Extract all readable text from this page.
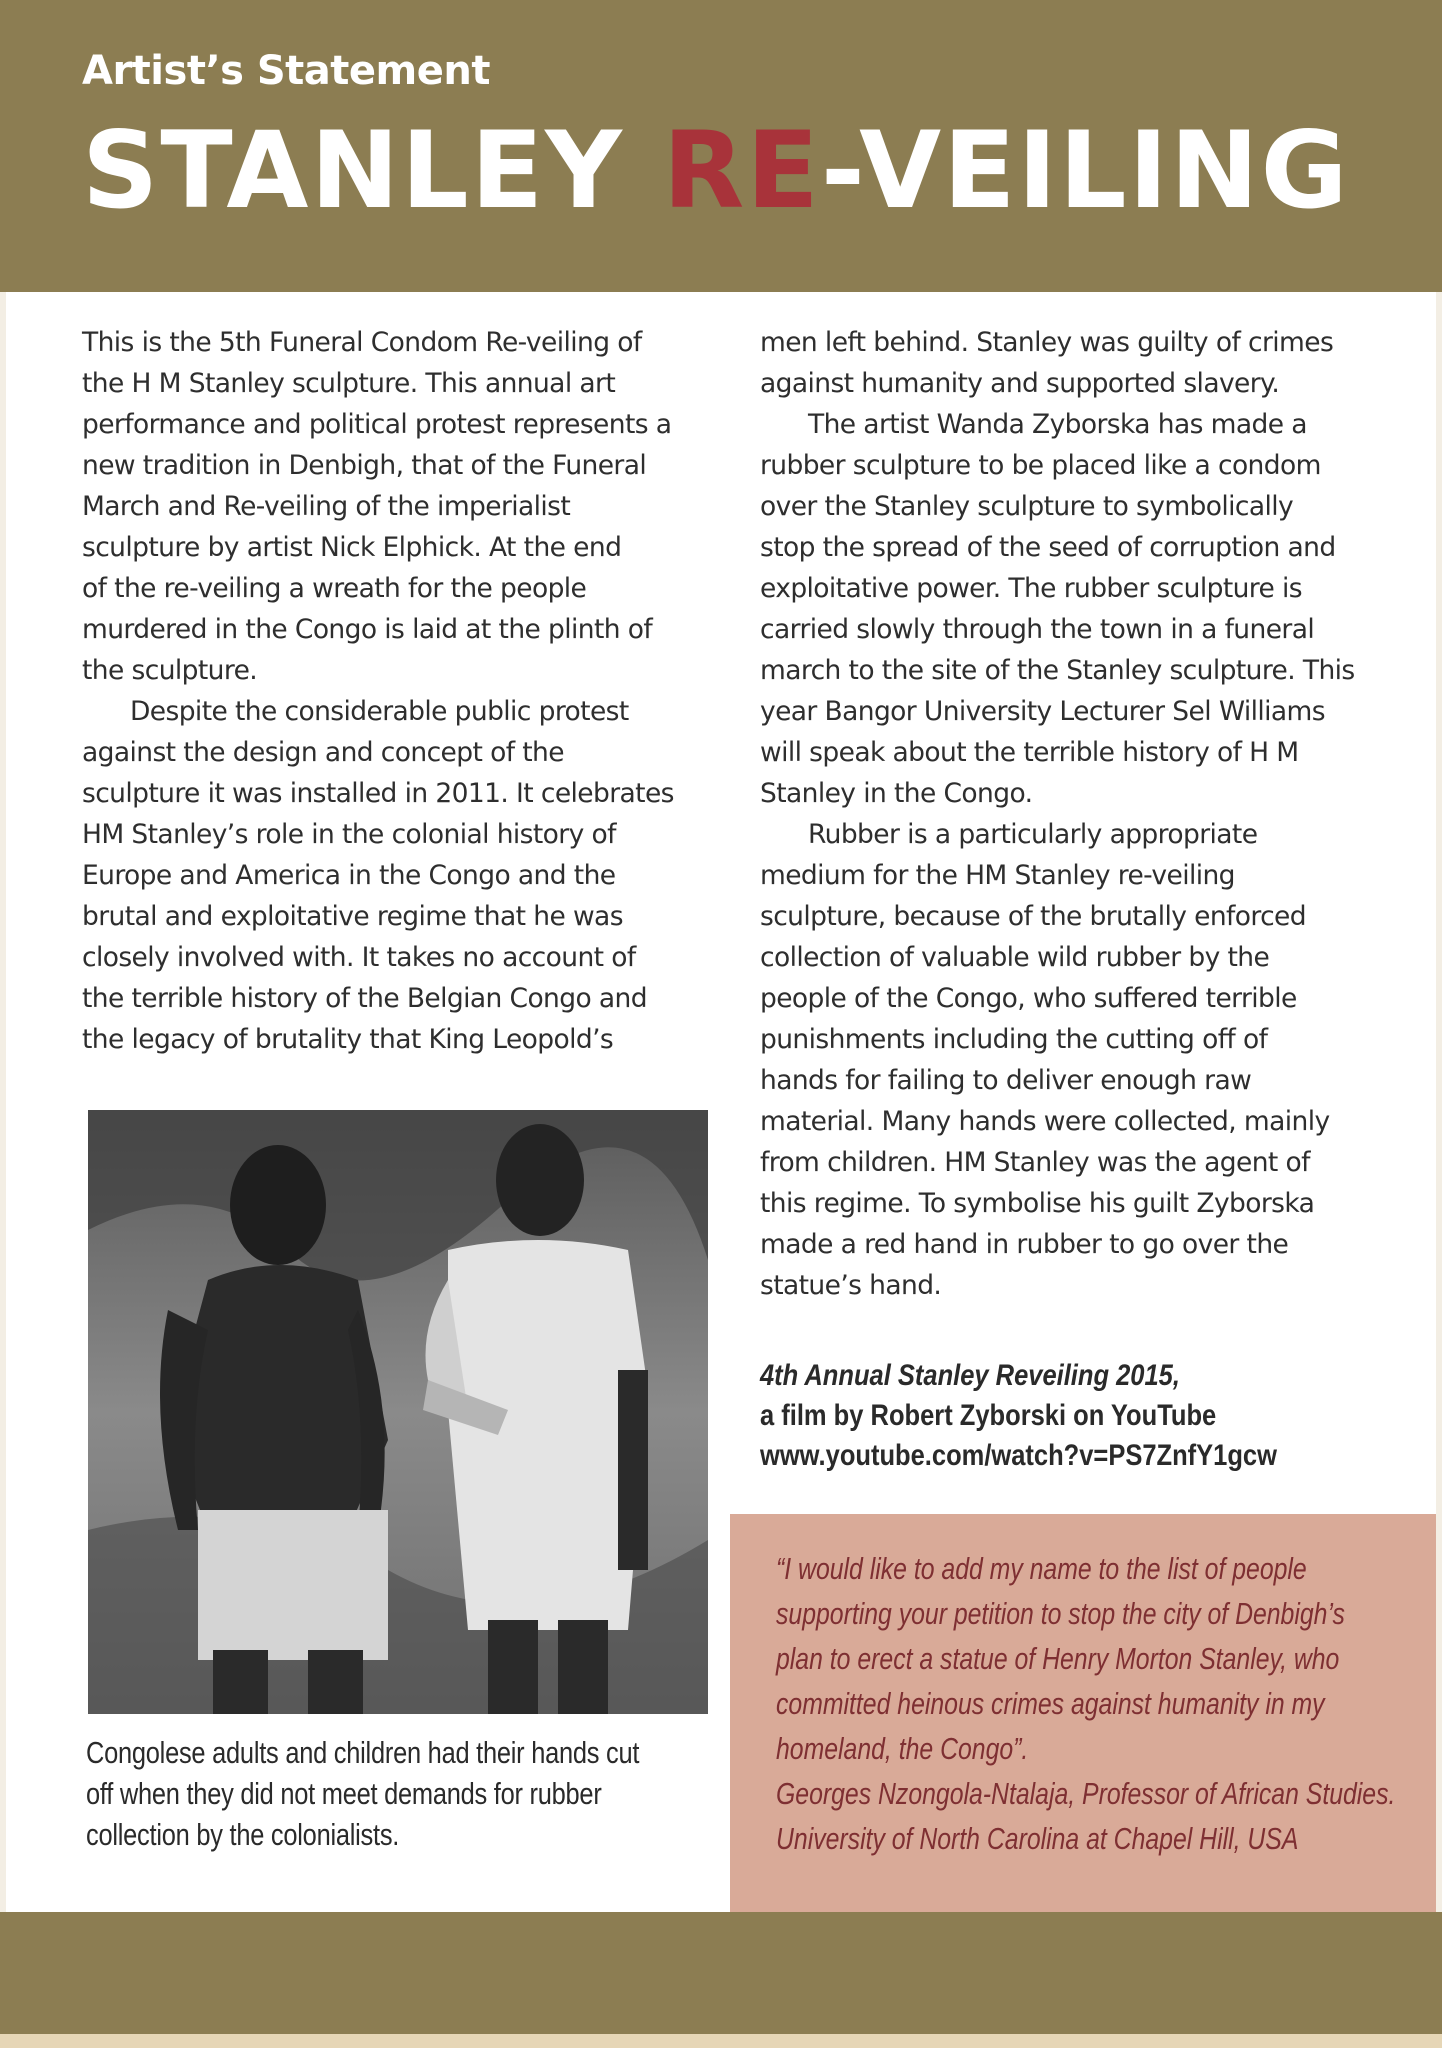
Artist’s Statement
STANLEY RE-VEILING

This is the 5th Funeral Condom Re-veiling of
the H M Stanley sculpture. This annual art
performance and political protest represents a
new tradition in Denbigh, that of the Funeral
March and Re-veiling of the imperialist
sculpture by artist Nick Elphick. At the end
of the re-veiling a wreath for the people
murdered in the Congo is laid at the plinth of
the sculpture.

Despite the considerable public protest
against the design and concept of the
sculpture it was installed in 2011. It celebrates
HM Stanley’s role in the colonial history of
Europe and America in the Congo and the
brutal and exploitative regime that he was
closely involved with. It takes no account of
the terrible history of the Belgian Congo and
the legacy of brutality that King Leopold’s

men left behind. Stanley was guilty of crimes
against humanity and supported slavery.

The artist Wanda Zyborska has made a
rubber sculpture to be placed like a condom
over the Stanley sculpture to symbolically
stop the spread of the seed of corruption and
exploitative power. The rubber sculpture is
carried slowly through the town in a funeral
march to the site of the Stanley sculpture. This
year Bangor University Lecturer Sel Williams
will speak about the terrible history of H M
Stanley in the Congo.

Rubber is a particularly appropriate
medium for the HM Stanley re-veiling
sculpture, because of the brutally enforced
collection of valuable wild rubber by the
people of the Congo, who suffered terrible
punishments including the cutting off of
hands for failing to deliver enough raw
material. Many hands were collected, mainly
from children. HM Stanley was the agent of
this regime. To symbolise his guilt Zyborska
made a red hand in rubber to go over the
statue’s hand.

Congolese adults and children had their hands cut
off when they did not meet demands for rubber
collection by the colonialists.
4th Annual Stanley Reveiling 2015,
a film by Robert Zyborski on YouTube
www.youtube.com/watch?v=PS7ZnfY1gcw
“I would like to add my name to the list of people
supporting your petition to stop the city of Denbigh’s
plan to erect a statue of Henry Morton Stanley, who
committed heinous crimes against humanity in my
homeland, the Congo”.
Georges Nzongola-Ntalaja, Professor of African Studies.
University of North Carolina at Chapel Hill, USA
